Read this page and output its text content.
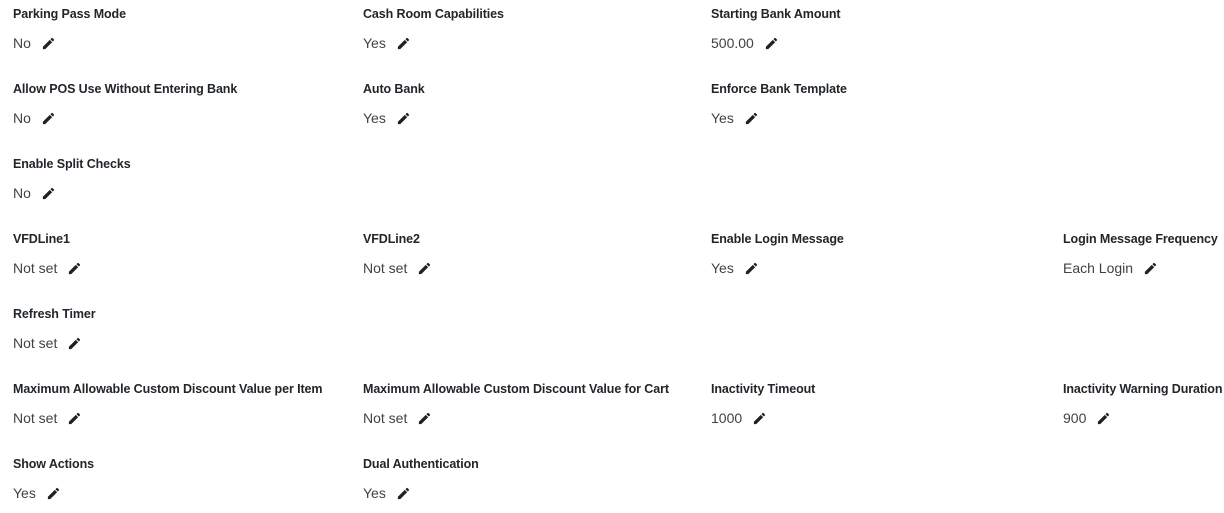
Parking Pass Mode
No
Cash Room Capabilities
Yes
Starting Bank Amount
500.00
Allow POS Use Without Entering Bank
No
Auto Bank
Yes
Enforce Bank Template
Yes
Enable Split Checks
No
VFDLine1
Not set
VFDLine2
Not set
Enable Login Message
Yes
Login Message Frequency
Each Login
Refresh Timer
Not set
Maximum Allowable Custom Discount Value per Item
Not set
Maximum Allowable Custom Discount Value for Cart
Not set
Inactivity Timeout
1000
Inactivity Warning Duration
900
Show Actions
Yes
Dual Authentication
Yes
